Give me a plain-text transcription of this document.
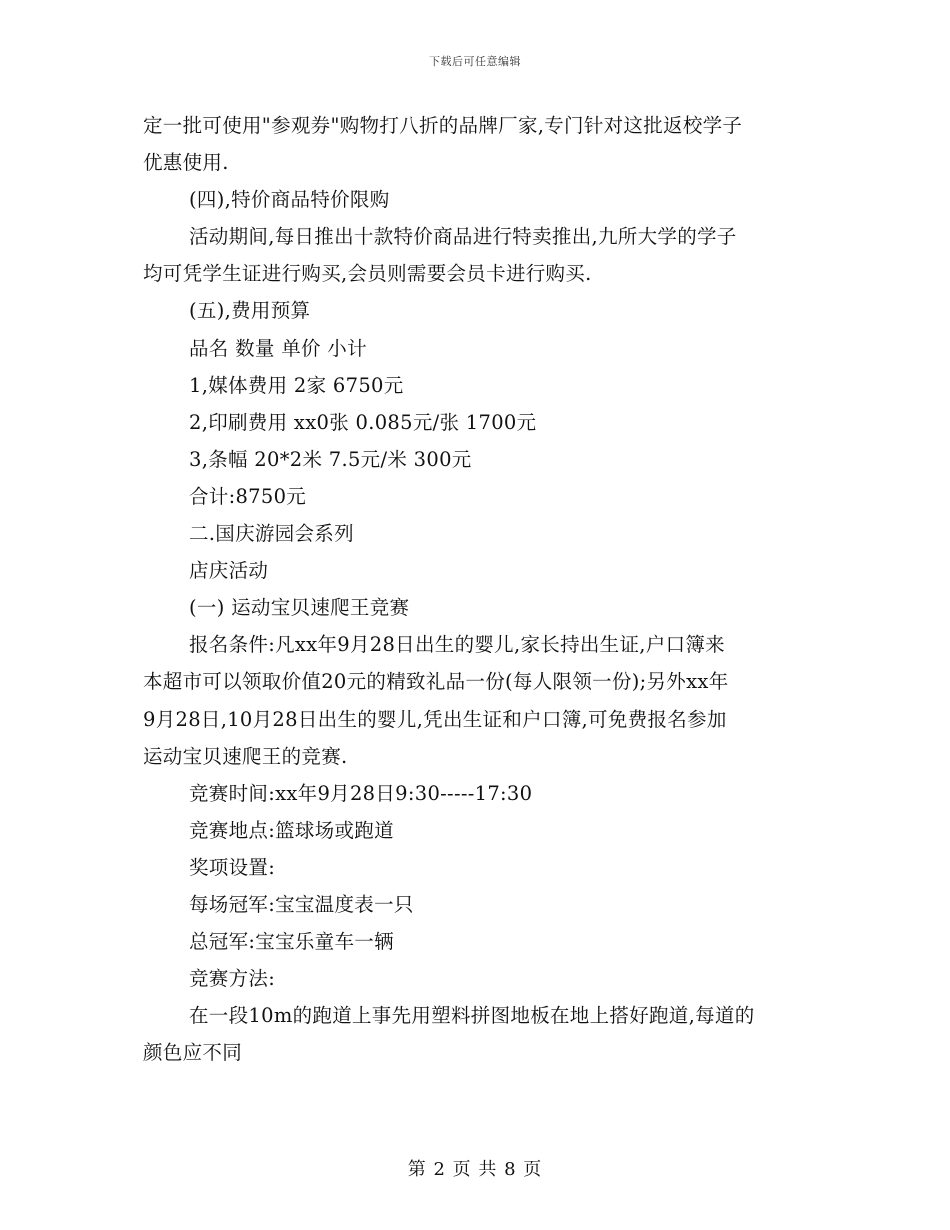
下载后可任意编辑
定一批可使用"参观券"购物打八折的品牌厂家,专门针对这批返校学子
优惠使用.
(四),特价商品特价限购
活动期间,每日推出十款特价商品进行特卖推出,九所大学的学子
均可凭学生证进行购买,会员则需要会员卡进行购买.
(五),费用预算
品名 数量 单价 小计
1,媒体费用 2家 6750元
2,印刷费用 xx0张 0.085元/张 1700元
3,条幅 20*2米 7.5元/米 300元
合计:8750元
二.国庆游园会系列
店庆活动
(一) 运动宝贝速爬王竞赛
报名条件:凡xx年9月28日出生的婴儿,家长持出生证,户口簿来
本超市可以领取价值20元的精致礼品一份(每人限领一份);另外xx年
9月28日,10月28日出生的婴儿,凭出生证和户口簿,可免费报名参加
运动宝贝速爬王的竞赛.
竞赛时间:xx年9月28日9:30-----17:30
竞赛地点:篮球场或跑道
奖项设置:
每场冠军:宝宝温度表一只
总冠军:宝宝乐童车一辆
竞赛方法:
在一段10m的跑道上事先用塑料拼图地板在地上搭好跑道,每道的
颜色应不同
第 2 页 共 8 页
